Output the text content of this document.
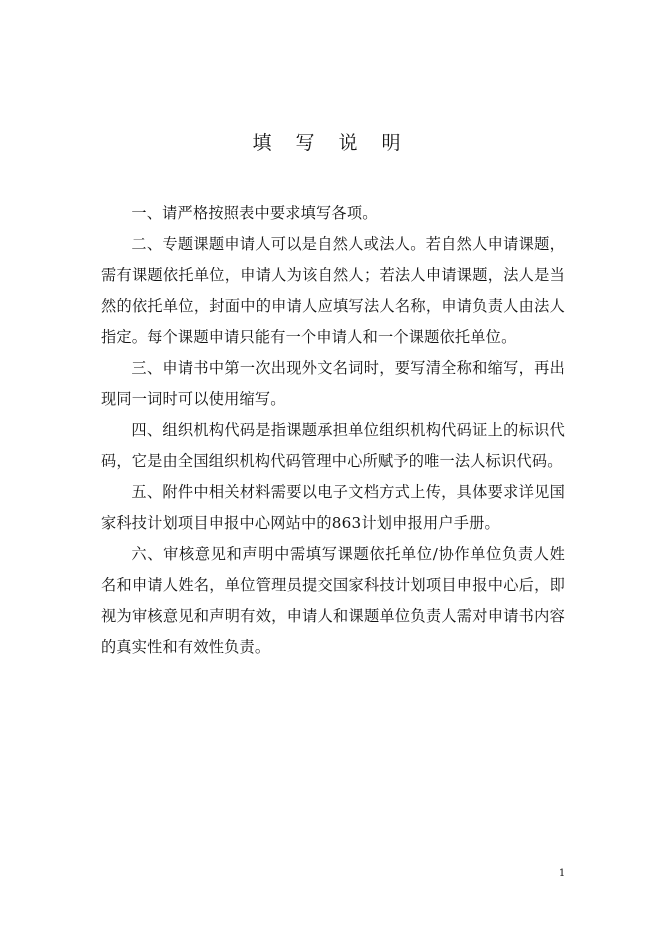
填 写 说 明

一、请严格按照表中要求填写各项。

二、专题课题申请人可以是自然人或法人。若自然人申请课题，需有课题依托单位，申请人为该自然人；若法人申请课题，法人是当然的依托单位，封面中的申请人应填写法人名称，申请负责人由法人指定。每个课题申请只能有一个申请人和一个课题依托单位。

三、申请书中第一次出现外文名词时，要写清全称和缩写，再出现同一词时可以使用缩写。

四、组织机构代码是指课题承担单位组织机构代码证上的标识代码，它是由全国组织机构代码管理中心所赋予的唯一法人标识代码。

五、附件中相关材料需要以电子文档方式上传，具体要求详见国家科技计划项目申报中心网站中的863计划申报用户手册。

六、审核意见和声明中需填写课题依托单位/协作单位负责人姓名和申请人姓名，单位管理员提交国家科技计划项目申报中心后，即视为审核意见和声明有效，申请人和课题单位负责人需对申请书内容的真实性和有效性负责。

1
